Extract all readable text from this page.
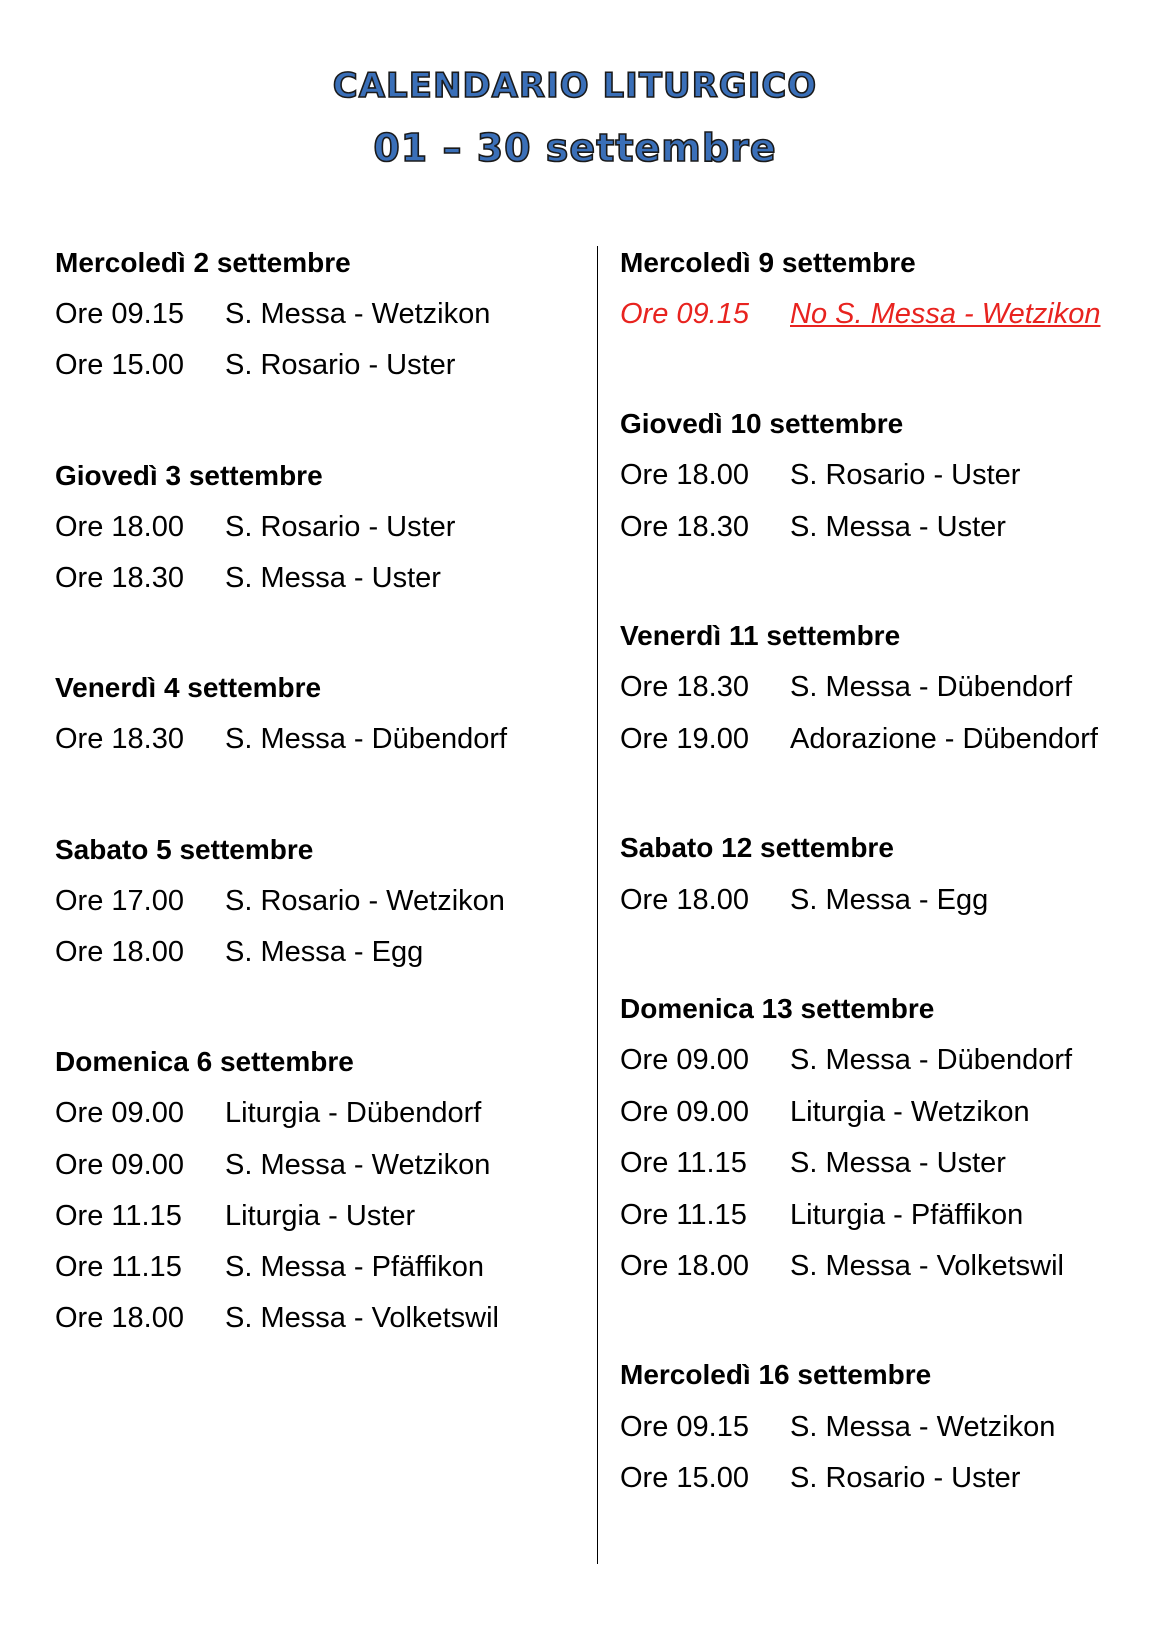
CALENDARIO LITURGICO
01 – 30 settembre
Mercoledì 2 settembre
Ore 09.15 S. Messa - Wetzikon
Ore 15.00 S. Rosario - Uster
Giovedì 3 settembre
Ore 18.00 S. Rosario - Uster
Ore 18.30 S. Messa - Uster
Venerdì 4 settembre
Ore 18.30 S. Messa - Dübendorf
Sabato 5 settembre
Ore 17.00 S. Rosario - Wetzikon
Ore 18.00 S. Messa - Egg
Domenica 6 settembre
Ore 09.00 Liturgia - Dübendorf
Ore 09.00 S. Messa - Wetzikon
Ore 11.15 Liturgia - Uster
Ore 11.15 S. Messa - Pfäffikon
Ore 18.00 S. Messa - Volketswil
Mercoledì 9 settembre
Ore 09.15 No S. Messa - Wetzikon
Giovedì 10 settembre
Ore 18.00 S. Rosario - Uster
Ore 18.30 S. Messa - Uster
Venerdì 11 settembre
Ore 18.30 S. Messa - Dübendorf
Ore 19.00 Adorazione - Dübendorf
Sabato 12 settembre
Ore 18.00 S. Messa - Egg
Domenica 13 settembre
Ore 09.00 S. Messa - Dübendorf
Ore 09.00 Liturgia - Wetzikon
Ore 11.15 S. Messa - Uster
Ore 11.15 Liturgia - Pfäffikon
Ore 18.00 S. Messa - Volketswil
Mercoledì 16 settembre
Ore 09.15 S. Messa - Wetzikon
Ore 15.00 S. Rosario - Uster
